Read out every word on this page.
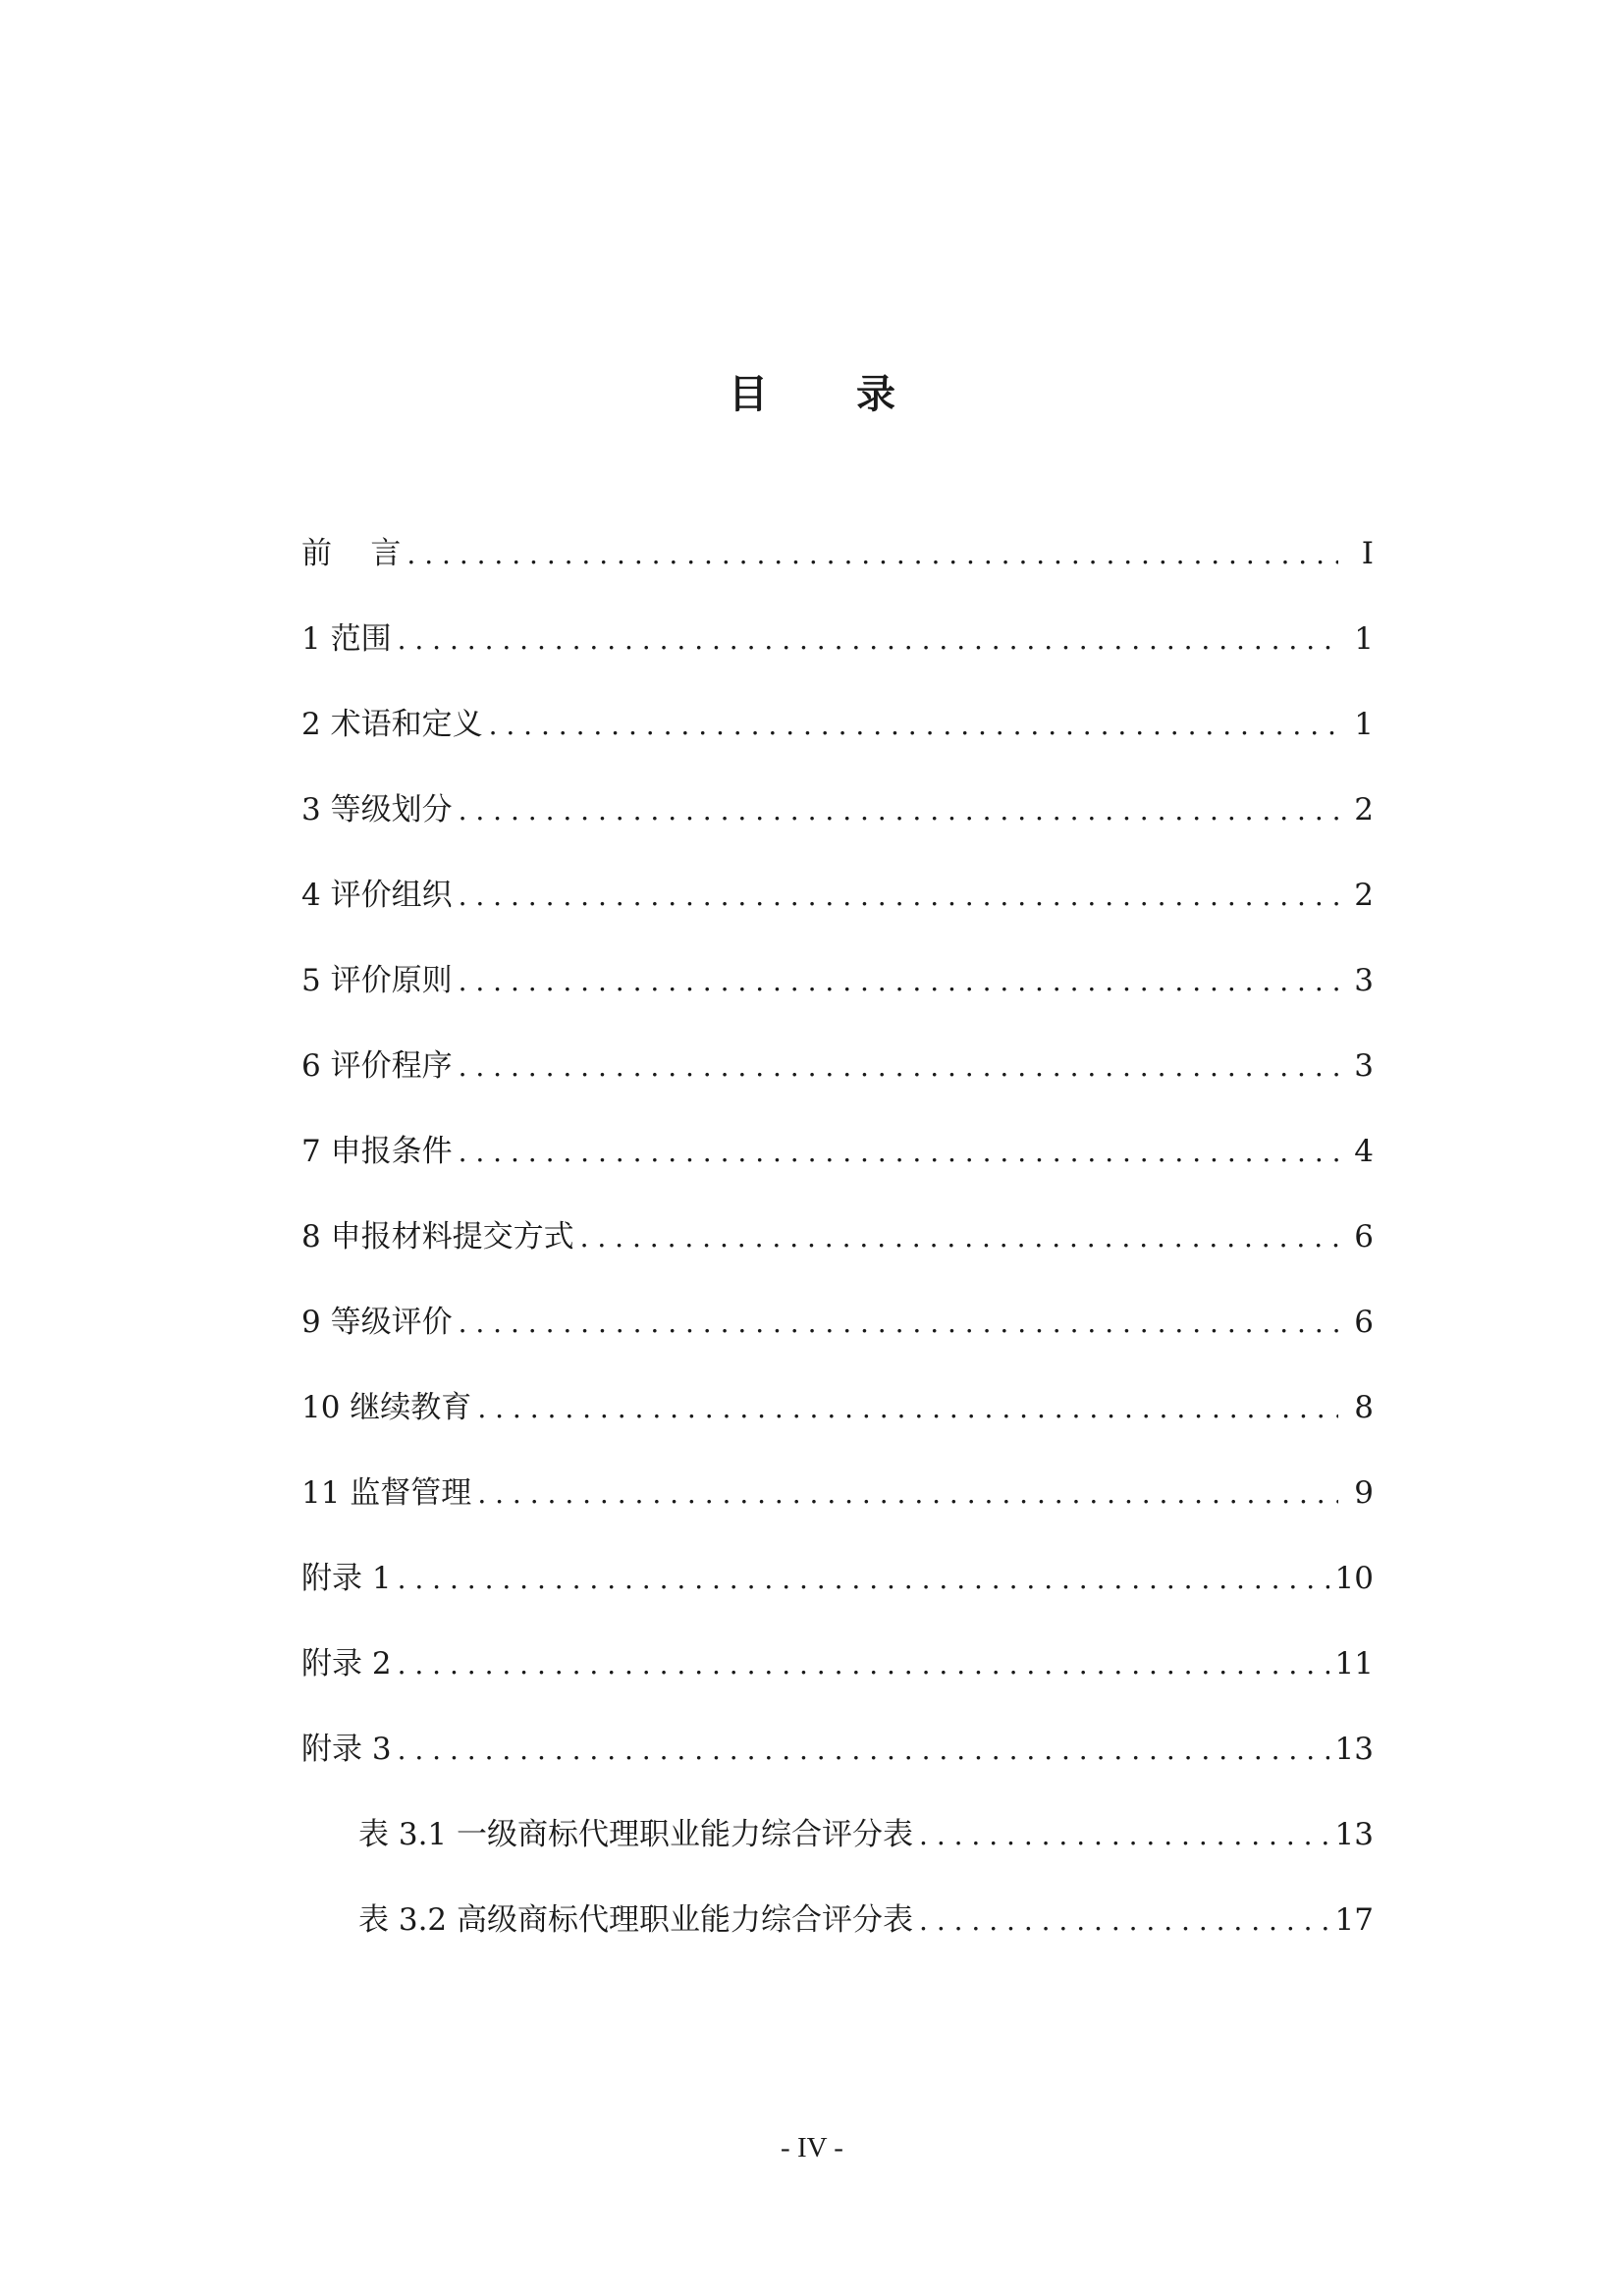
目 录
前    言 . . .	I
1 范围 . . .	1
2 术语和定义 . . .	1
3 等级划分 . . .	2
4 评价组织 . . .	2
5 评价原则 . . .	3
6 评价程序 . . .	3
7 申报条件 . . .	4
8 申报材料提交方式 . . .	6
9 等级评价 . . .	6
10 继续教育 . . .	8
11 监督管理 . . .	9
附录 1 . . .	10
附录 2 . . .	11
附录 3 . . .	13
表 3.1 一级商标代理职业能力综合评分表 . . .	13
表 3.2 高级商标代理职业能力综合评分表 . . .	17
- IV -
